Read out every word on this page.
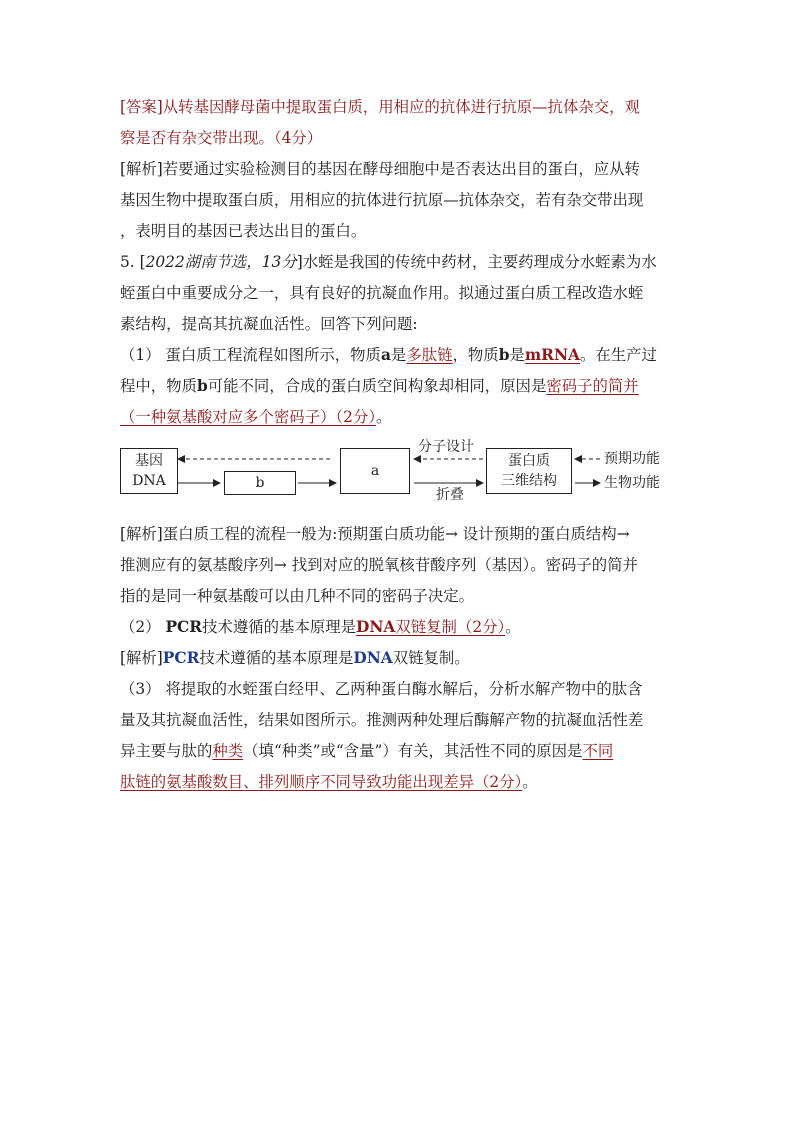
[答案]从转基因酵母菌中提取蛋白质，用相应的抗体进行抗原—抗体杂交，观
察是否有杂交带出现。（4分）
[解析]若要通过实验检测目的基因在酵母细胞中是否表达出目的蛋白，应从转
基因生物中提取蛋白质，用相应的抗体进行抗原—抗体杂交，若有杂交带出现
，表明目的基因已表达出目的蛋白。
5. [2022湖南节选，13分]水蛭是我国的传统中药材，主要药理成分水蛭素为水
蛭蛋白中重要成分之一，具有良好的抗凝血作用。拟通过蛋白质工程改造水蛭
素结构，提高其抗凝血活性。回答下列问题:
（1） 蛋白质工程流程如图所示，物质a是多肽链，物质b是mRNA。在生产过
程中，物质b可能不同，合成的蛋白质空间构象却相同，原因是密码子的简并
（一种氨基酸对应多个密码子）（2分）。
基因
DNA	b
a
分子设计
折叠
蛋白质
三维结构
预期功能
生物功能
[解析]蛋白质工程的流程一般为:预期蛋白质功能→ 设计预期的蛋白质结构→
推测应有的氨基酸序列→ 找到对应的脱氧核苷酸序列（基因）。密码子的简并
指的是同一种氨基酸可以由几种不同的密码子决定。
（2） PCR技术遵循的基本原理是DNA双链复制（2分）。
[解析]PCR技术遵循的基本原理是DNA双链复制。
（3） 将提取的水蛭蛋白经甲、乙两种蛋白酶水解后，分析水解产物中的肽含
量及其抗凝血活性，结果如图所示。推测两种处理后酶解产物的抗凝血活性差
异主要与肽的种类（填“种类”或“含量”）有关，其活性不同的原因是不同
肽链的氨基酸数目、排列顺序不同导致功能出现差异（2分）。
